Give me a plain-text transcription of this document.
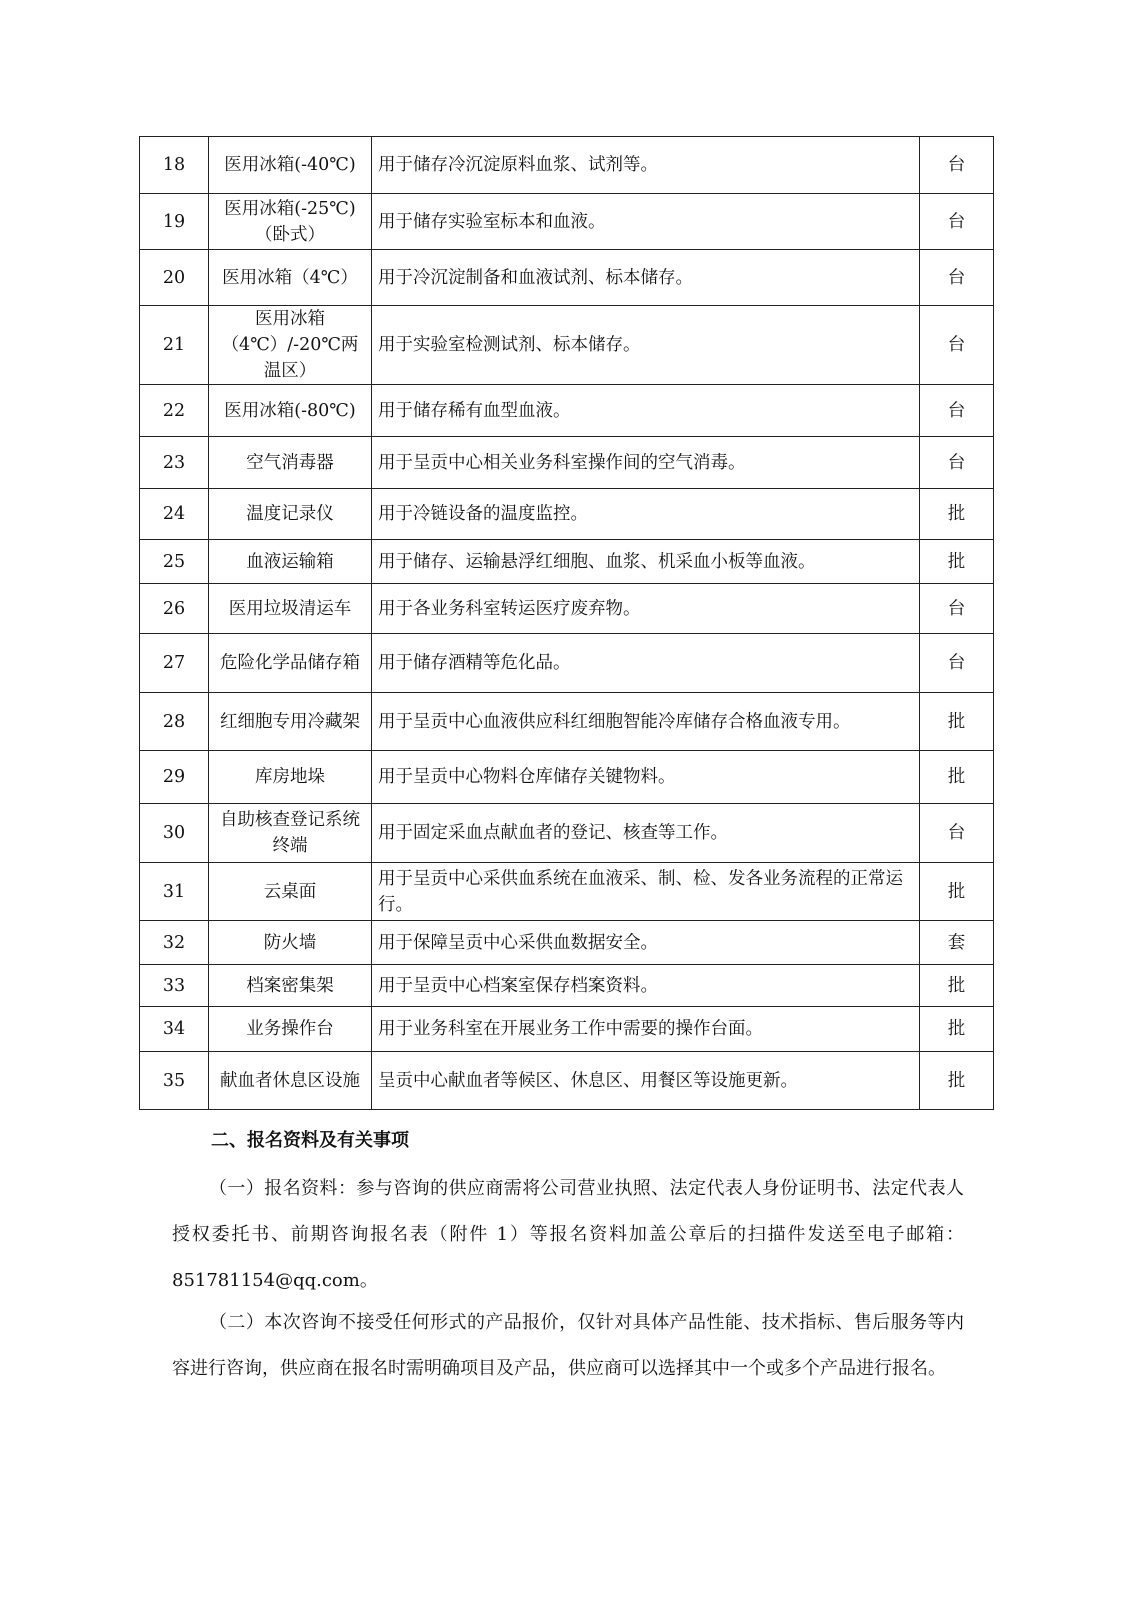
18	医用冰箱(-40℃)	用于储存冷沉淀原料血浆、试剂等。	台
19	医用冰箱(-25℃)（卧式）	用于储存实验室标本和血液。	台
20	医用冰箱（4℃）	用于冷沉淀制备和血液试剂、标本储存。	台
21	医用冰箱（4℃）/-20℃两温区）	用于实验室检测试剂、标本储存。	台
22	医用冰箱(-80℃)	用于储存稀有血型血液。	台
23	空气消毒器	用于呈贡中心相关业务科室操作间的空气消毒。	台
24	温度记录仪	用于冷链设备的温度监控。	批
25	血液运输箱	用于储存、运输悬浮红细胞、血浆、机采血小板等血液。	批
26	医用垃圾清运车	用于各业务科室转运医疗废弃物。	台
27	危险化学品储存箱	用于储存酒精等危化品。	台
28	红细胞专用冷藏架	用于呈贡中心血液供应科红细胞智能冷库储存合格血液专用。	批
29	库房地垛	用于呈贡中心物料仓库储存关键物料。	批
30	自助核查登记系统终端	用于固定采血点献血者的登记、核查等工作。	台
31	云桌面	用于呈贡中心采供血系统在血液采、制、检、发各业务流程的正常运行。	批
32	防火墙	用于保障呈贡中心采供血数据安全。	套
33	档案密集架	用于呈贡中心档案室保存档案资料。	批
34	业务操作台	用于业务科室在开展业务工作中需要的操作台面。	批
35	献血者休息区设施	呈贡中心献血者等候区、休息区、用餐区等设施更新。	批
二、报名资料及有关事项
（一）报名资料：参与咨询的供应商需将公司营业执照、法定代表人身份证明书、法定代表人授权委托书、前期咨询报名表（附件 1）等报名资料加盖公章后的扫描件发送至电子邮箱：851781154@qq.com。
（二）本次咨询不接受任何形式的产品报价，仅针对具体产品性能、技术指标、售后服务等内容进行咨询，供应商在报名时需明确项目及产品，供应商可以选择其中一个或多个产品进行报名。
